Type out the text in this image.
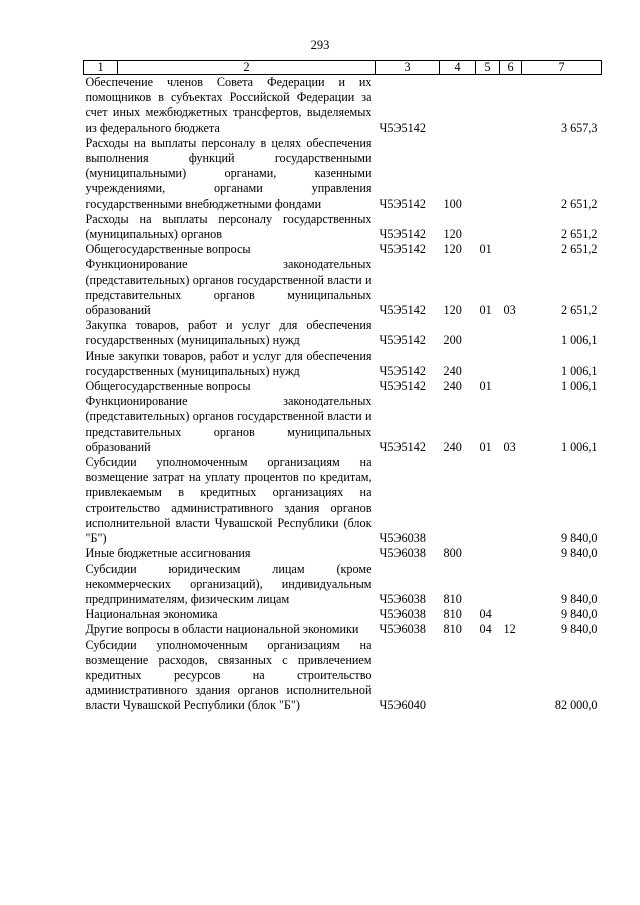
293
1	2	3	4	5	6	7
Обеспечение членов Совета Федерации и их помощников в субъектах Российской Федерации за счет иных межбюджетных трансфертов, выделяемых из федерального бюджета		Ч5Э5142				3 657,3
Расходы на выплаты персоналу в целях обеспечения выполнения функций государственными (муниципальными) органами, казенными учреждениями, органами управления государственными внебюджетными фондами		Ч5Э5142	100			2 651,2
Расходы на выплаты персоналу государственных (муниципальных) органов		Ч5Э5142	120			2 651,2
Общегосударственные вопросы		Ч5Э5142	120	01		2 651,2
Функционирование законодательных (представительных) органов государственной власти и представительных органов муниципальных образований		Ч5Э5142	120	01	03	2 651,2
Закупка товаров, работ и услуг для обеспечения государственных (муниципальных) нужд		Ч5Э5142	200			1 006,1
Иные закупки товаров, работ и услуг для обеспечения государственных (муниципальных) нужд		Ч5Э5142	240			1 006,1
Общегосударственные вопросы		Ч5Э5142	240	01		1 006,1
Функционирование законодательных (представительных) органов государственной власти и представительных органов муниципальных образований		Ч5Э5142	240	01	03	1 006,1
Субсидии уполномоченным организациям на возмещение затрат на уплату процентов по кредитам, привлекаемым в кредитных организациях на строительство административного здания органов исполнительной власти Чувашской Республики (блок "Б")		Ч5Э6038				9 840,0
Иные бюджетные ассигнования		Ч5Э6038	800			9 840,0
Субсидии юридическим лицам (кроме некоммерческих организаций), индивидуальным предпринимателям, физическим лицам		Ч5Э6038	810			9 840,0
Национальная экономика		Ч5Э6038	810	04		9 840,0
Другие вопросы в области национальной экономики		Ч5Э6038	810	04	12	9 840,0
Субсидии уполномоченным организациям на возмещение расходов, связанных с привлечением кредитных ресурсов на строительство административного здания органов исполнительной власти Чувашской Республики (блок "Б")		Ч5Э6040				82 000,0
